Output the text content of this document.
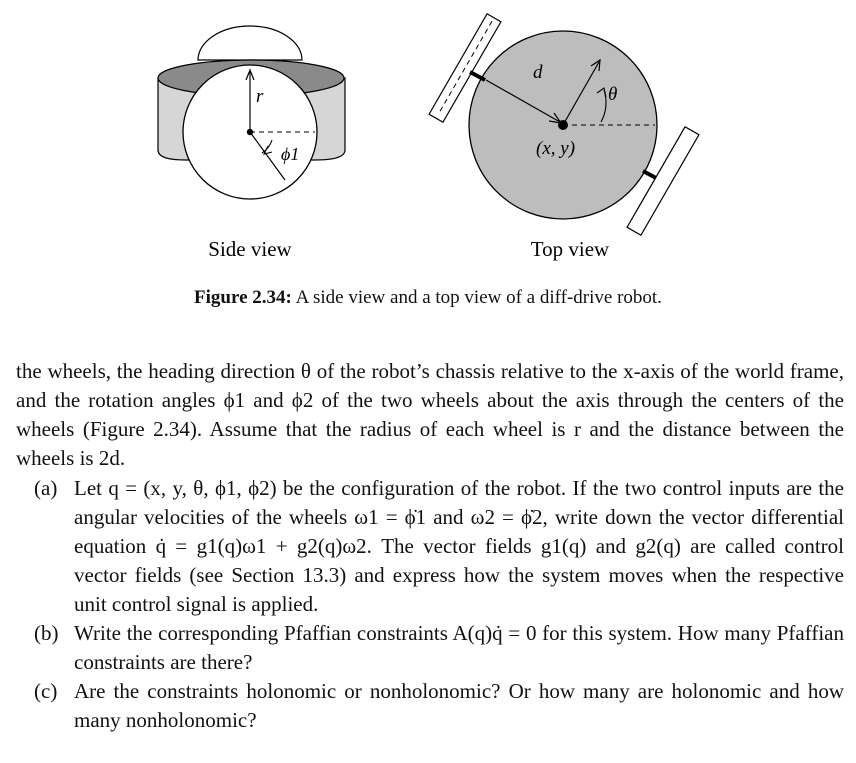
r
ϕ1
d
θ
(x, y)
Side view	Top view
Figure 2.34: A side view and a top view of a diff-drive robot.

the wheels, the heading direction θ of the robot’s chassis relative to the x-axis of the world frame, and the rotation angles ϕ1 and ϕ2 of the two wheels about the axis through the centers of the wheels (Figure 2.34). Assume that the radius of each wheel is r and the distance between the wheels is 2d.

(a) Let q = (x, y, θ, ϕ1, ϕ2) be the configuration of the robot. If the two control inputs are the angular velocities of the wheels ω1 = ϕ̇1 and ω2 = ϕ̇2, write down the vector differential equation q̇ = g1(q)ω1 + g2(q)ω2. The vector fields g1(q) and g2(q) are called control vector fields (see Section 13.3) and express how the system moves when the respective unit control signal is applied.

(b) Write the corresponding Pfaffian constraints A(q)q̇ = 0 for this system. How many Pfaffian constraints are there?

(c) Are the constraints holonomic or nonholonomic? Or how many are holonomic and how many nonholonomic?
